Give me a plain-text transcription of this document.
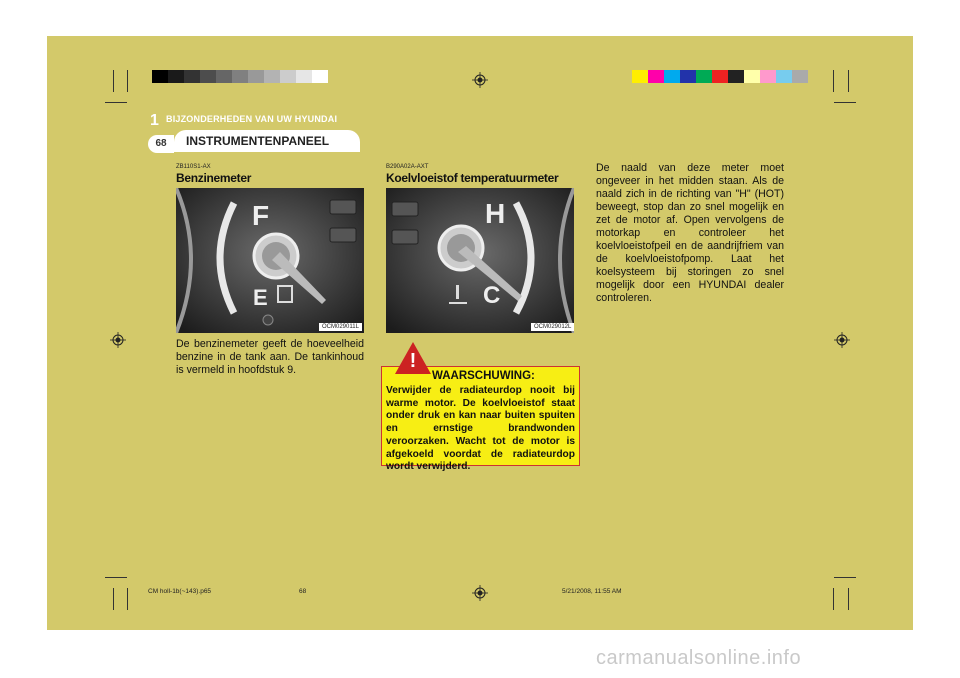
1 BIJZONDERHEDEN VAN UW HYUNDAI
68	INSTRUMENTENPANEEL
ZB110S1-AX
Benzinemeter
F
E
OCM029011L
De benzinemeter geeft de hoeveelheid benzine in de tank aan. De tankinhoud is vermeld in hoofdstuk 9.
B290A02A-AXT
Koelvloeistof temperatuurmeter
H
C
OCM029012L
WAARSCHUWING:
Verwijder de radiateurdop nooit bij warme motor. De koelvloeistof staat onder druk en kan naar buiten spuiten en ernstige brandwonden veroorzaken. Wacht tot de motor is afgekoeld voordat de radiateurdop wordt verwijderd.
!
De naald van deze meter moet ongeveer in het midden staan. Als de naald zich in de richting van "H" (HOT) beweegt, stop dan zo snel mogelijk en zet de motor af. Open vervolgens de motorkap en controleer het koelvloeistofpeil en de aandrijfriem van de koelvloeistofpomp. Laat het koelsysteem bij storingen zo snel mogelijk door een HYUNDAI dealer controleren.
CM holl-1b(~143).p65	68	5/21/2008, 11:55 AM
carmanualsonline.info
